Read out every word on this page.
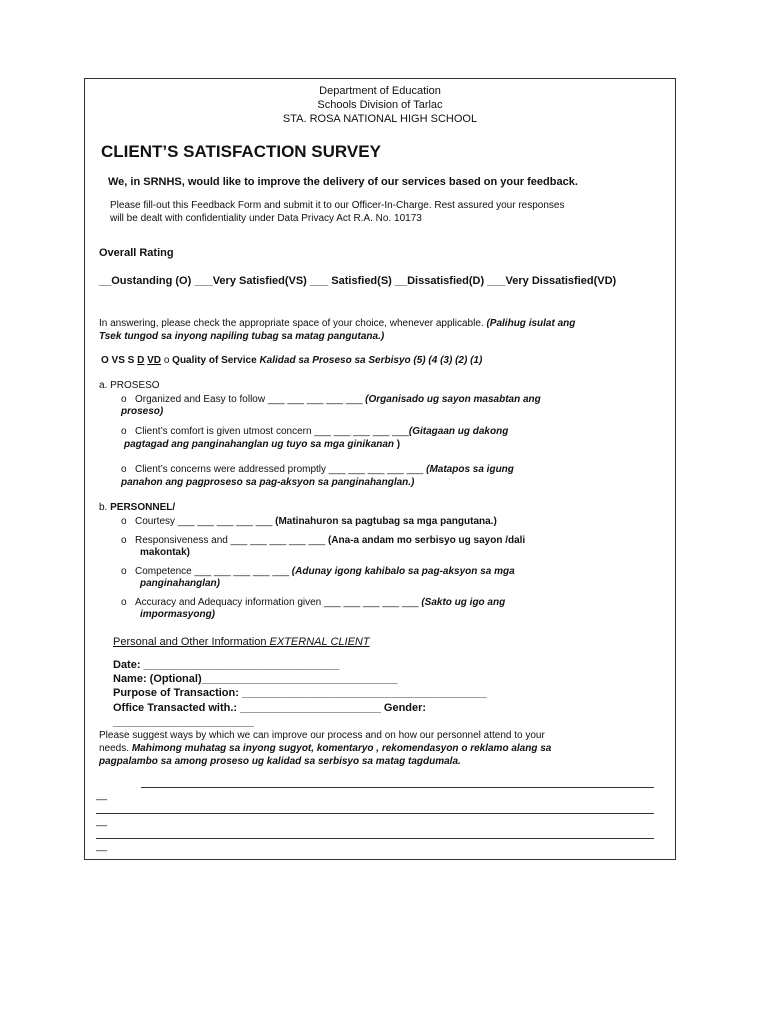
Department of Education
Schools Division of Tarlac
STA. ROSA NATIONAL HIGH SCHOOL
CLIENT’S SATISFACTION SURVEY
We, in SRNHS, would like to improve the delivery of our services based on your feedback.
Please fill-out this Feedback Form and submit it to our Officer-In-Charge. Rest assured your responses
will be dealt with confidentiality under Data Privacy Act R.A. No. 10173
Overall Rating
__Oustanding (O) ___Very Satisfied(VS) ___ Satisfied(S) __Dissatisfied(D) ___Very Dissatisfied(VD)
In answering, please check the appropriate space of your choice, whenever applicable. (Palihug isulat ang
Tsek tungod sa inyong napiling tubag sa matag pangutana.)
O VS S D VD o Quality of Service Kalidad sa Proseso sa Serbisyo (5) (4 (3) (2) (1)
a. PROSESO
o Organized and Easy to follow ___ ___ ___ ___ ___ (Organisado ug sayon masabtan ang
proseso)
o Client’s comfort is given utmost concern ___ ___ ___ ___ ___(Gitagaan ug dakong
pagtagad ang panginahanglan ug tuyo sa mga ginikanan )
o Client’s concerns were addressed promptly ___ ___ ___ ___ ___ (Matapos sa igung
panahon ang pagproseso sa pag-aksyon sa panginahanglan.)
b. PERSONNEL/
o Courtesy ___ ___ ___ ___ ___ (Matinahuron sa pagtubag sa mga pangutana.)
o Responsiveness and ___ ___ ___ ___ ___ (Ana-a andam mo serbisyo ug sayon /dali
makontak)
o Competence ___ ___ ___ ___ ___ (Adunay igong kahibalo sa pag-aksyon sa mga
panginahanglan)
o Accuracy and Adequacy information given ___ ___ ___ ___ ___ (Sakto ug igo ang
impormasyong)
Personal and Other Information EXTERNAL CLIENT
Date: ________________________________
Name: (Optional)________________________________
Purpose of Transaction: ________________________________________
Office Transacted with.: _______________________ Gender:
_______________________
Please suggest ways by which we can improve our process and on how our personnel attend to your
needs. Mahimong muhatag sa inyong sugyot, komentaryo , rekomendasyon o reklamo alang sa
pagpalambo sa among proseso ug kalidad sa serbisyo sa matag tagdumala.
__
__
__
